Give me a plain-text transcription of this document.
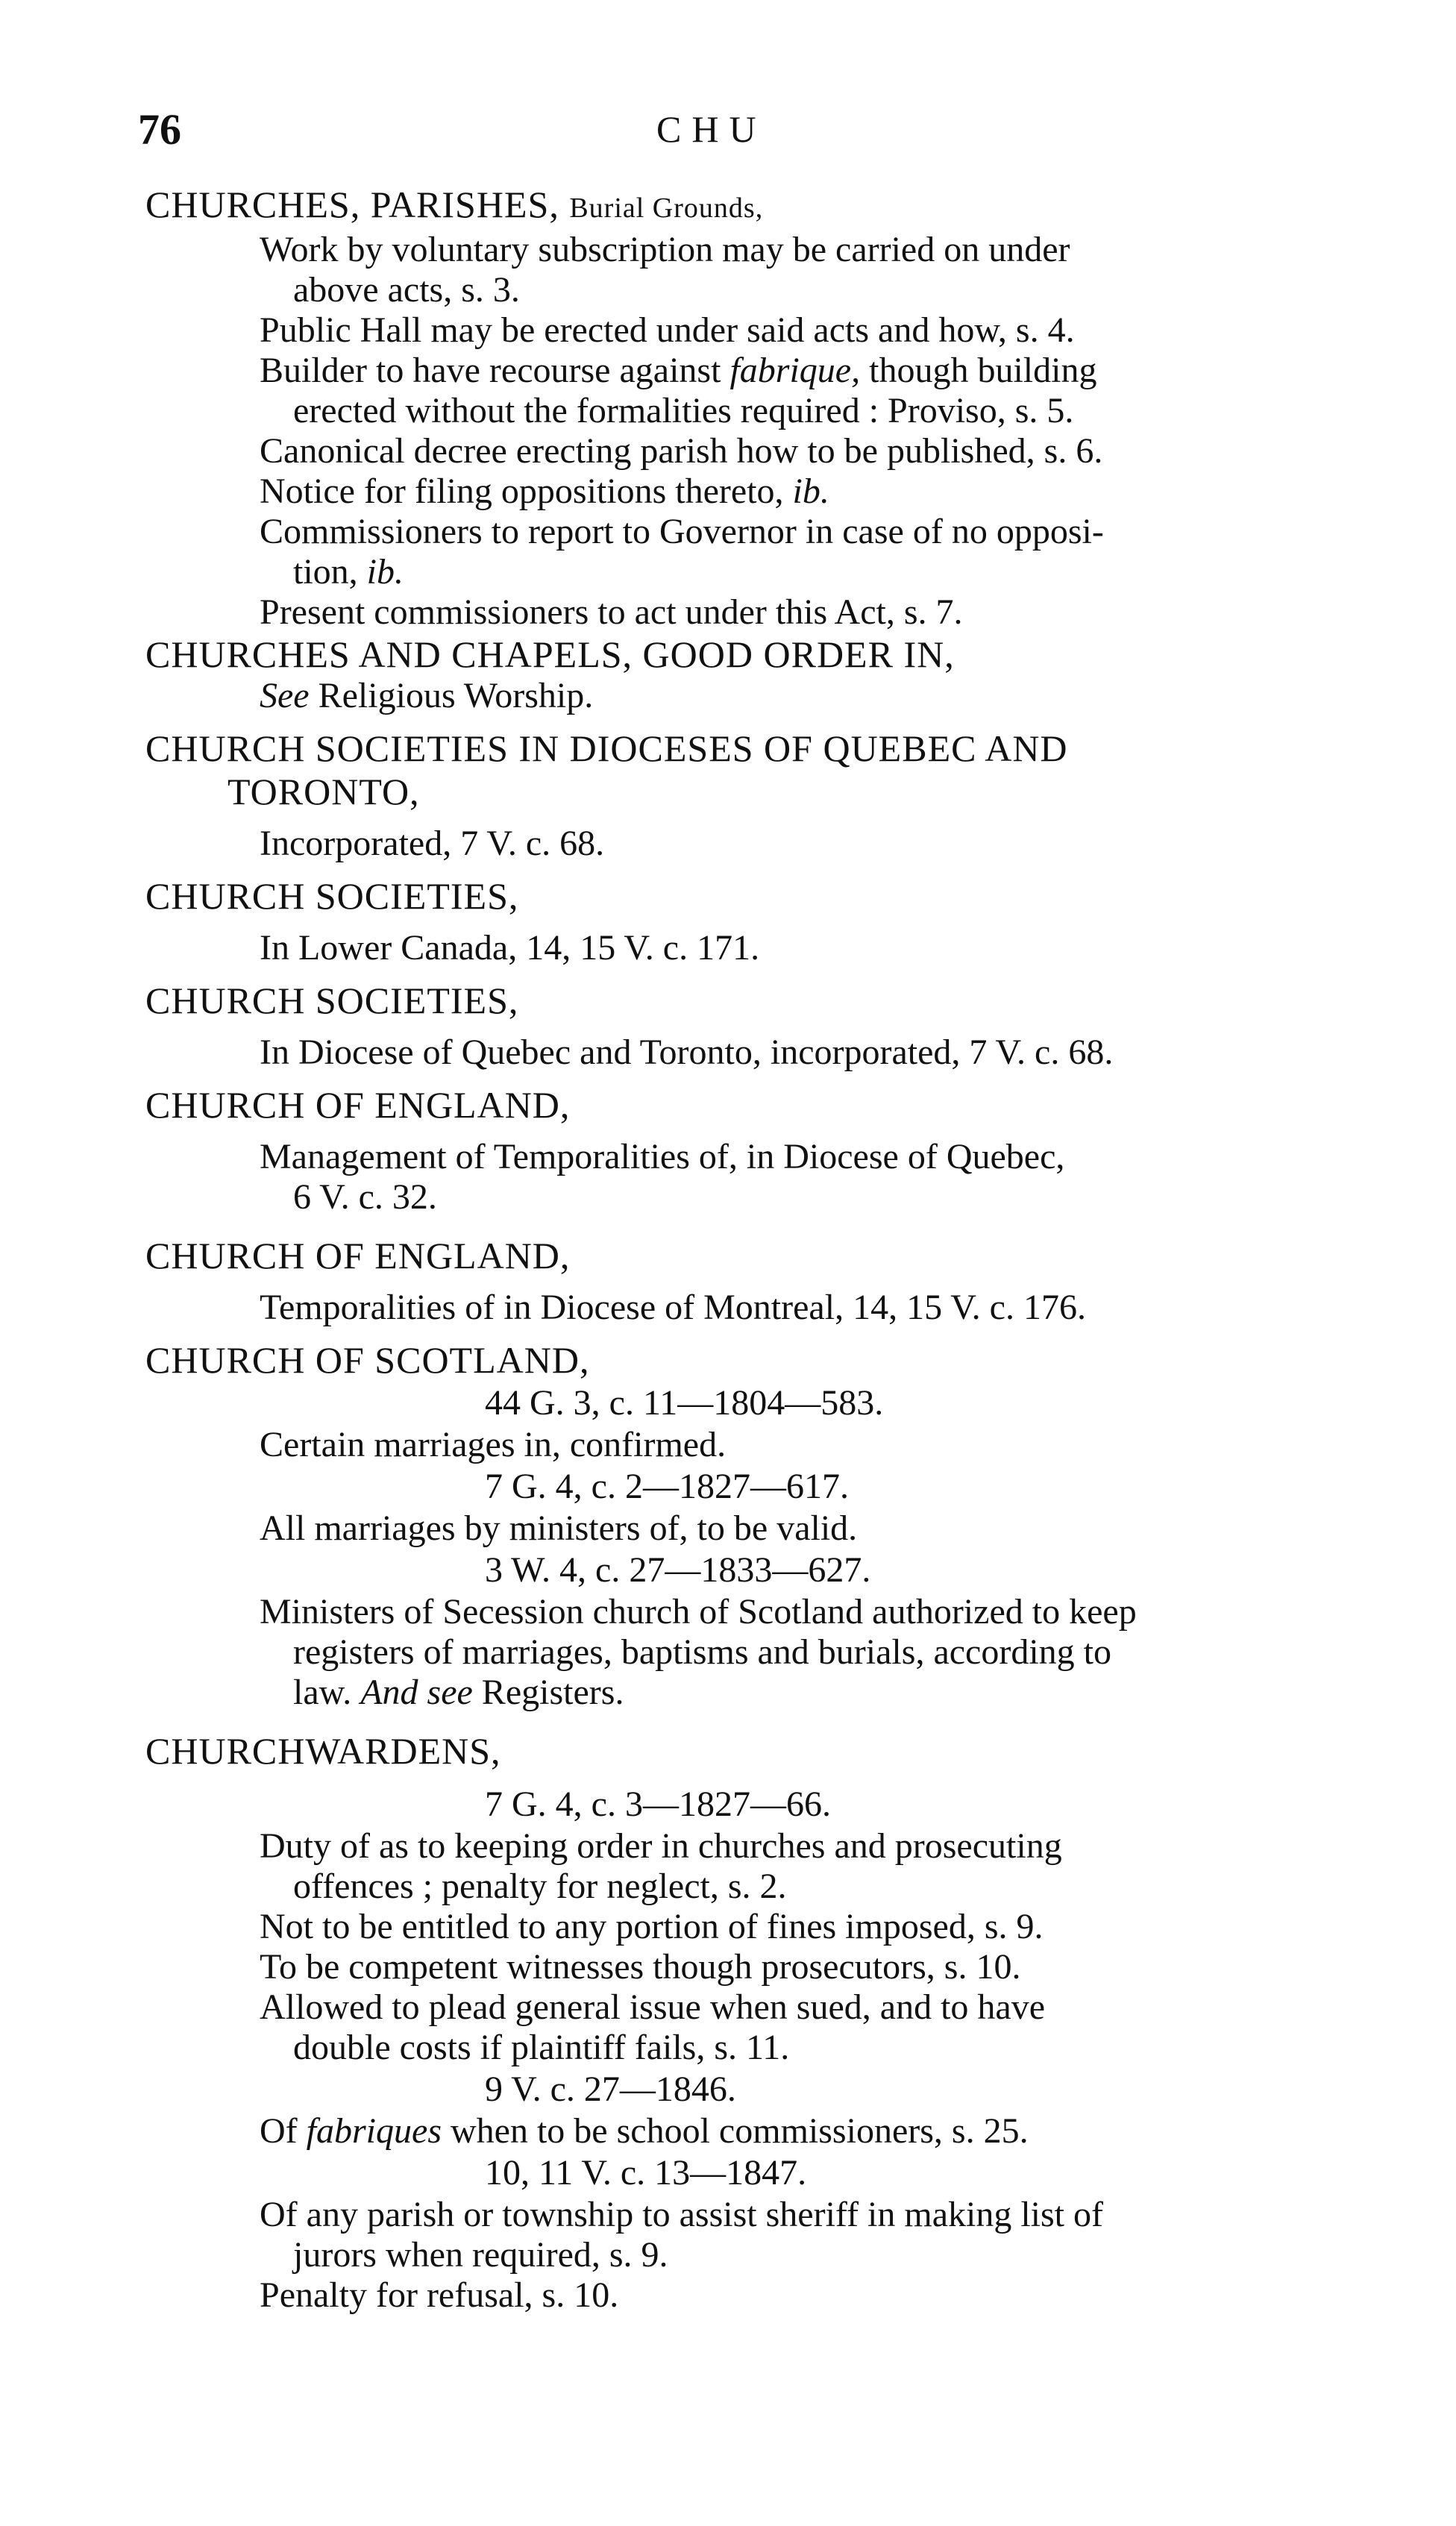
76	CHU
CHURCHES, PARISHES, Burial Grounds,
Work by voluntary subscription may be carried on under
above acts, s. 3.
Public Hall may be erected under said acts and how, s. 4.
Builder to have recourse against fabrique, though building
erected without the formalities required : Proviso, s. 5.
Canonical decree erecting parish how to be published, s. 6.
Notice for filing oppositions thereto, ib.
Commissioners to report to Governor in case of no opposi-
tion, ib.
Present commissioners to act under this Act, s. 7.
CHURCHES AND CHAPELS, GOOD ORDER IN,
See Religious Worship.
CHURCH SOCIETIES IN DIOCESES OF QUEBEC AND
TORONTO,
Incorporated, 7 V. c. 68.
CHURCH SOCIETIES,
In Lower Canada, 14, 15 V. c. 171.
CHURCH SOCIETIES,
In Diocese of Quebec and Toronto, incorporated, 7 V. c. 68.
CHURCH OF ENGLAND,
Management of Temporalities of, in Diocese of Quebec,
6 V. c. 32.
CHURCH OF ENGLAND,
Temporalities of in Diocese of Montreal, 14, 15 V. c. 176.
CHURCH OF SCOTLAND,
44 G. 3, c. 11—1804—583.
Certain marriages in, confirmed.
7 G. 4, c. 2—1827—617.
All marriages by ministers of, to be valid.
3 W. 4, c. 27—1833—627.
Ministers of Secession church of Scotland authorized to keep
registers of marriages, baptisms and burials, according to
law. And see Registers.
CHURCHWARDENS,
7 G. 4, c. 3—1827—66.
Duty of as to keeping order in churches and prosecuting
offences ; penalty for neglect, s. 2.
Not to be entitled to any portion of fines imposed, s. 9.
To be competent witnesses though prosecutors, s. 10.
Allowed to plead general issue when sued, and to have
double costs if plaintiff fails, s. 11.
9 V. c. 27—1846.
Of fabriques when to be school commissioners, s. 25.
10, 11 V. c. 13—1847.
Of any parish or township to assist sheriff in making list of
jurors when required, s. 9.
Penalty for refusal, s. 10.
